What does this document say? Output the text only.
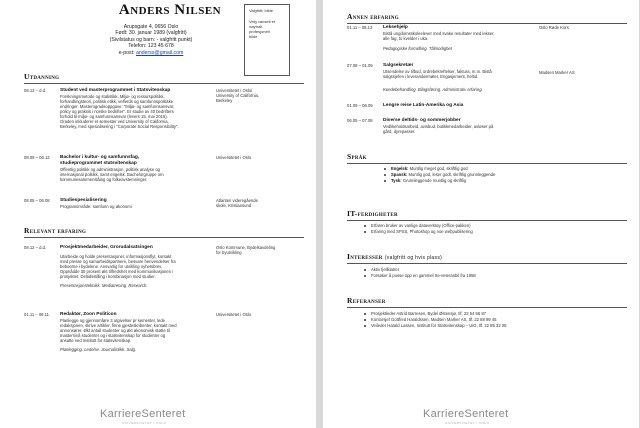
Anders Nilsen
Arupsgate 4, 0656 Oslo
Født: 30. januar 1989 (valgfritt)
(Sivilstatus og barn: - valgfritt punkt)
Telefon: 123 45 678
e-post: anderss@gmail.com
Valgfritt: bilde
Velg vanselt et
nøytralt
profesjonelt
bilde
Utdanning
08.13 – d.d.	Student ved masterprogrammet i Statsvitenskap
Forskningsmetode og statistikk, Miljø- og ressurspolitikk,
forhandlingsteori, politisk etikk, velferds og samfunnspolitiske
endringer. Masterogradsoppgave: "Miljø- og samfunnsansvar,
policy og praksis i norske bedrifter". Er studie av 40 bedrifters
forhold til miljø- og samfunnsansvar (levers 15. mai 2015).
Graden inkluderer et semester ved University of California,
Berkeley, med spesialisering i "Corporate Social Responsibility".
Universitetet i Oslo/
University of California,
Berkeley
08.09 – 06.12 Bachelor i kultur- og samfunnsfag,
studieprogrammet statsvitenskap
Offentlig politikk og administrasjon, politisk analyse og
internasjonal politikk, samt engelsk. Bachelorgruppe om
kommunesammenslåing og folkeavstemninger.
Universitetet i Oslo
08.05 – 06.08 Studiespesialisering
Programområde: samfunn og økonomi
Atlanten videregående
skole, Kristiansund
Relevant erfaring
08.12 – d.d.	Prosjektmedarbeider, Grorudalsatsingen
Utarbeide og holde presentasjoner, informasjonsflyt, kontakt
med presse og samarbeidspartnere, besvare henvendelser fra
beboerne i bydelene. Ansvarlig for utvikling nyhetsbrev.
Oppnådde 30 prosent økt tilfredshet med kommunikasjonen i
prosjektet. Deltidsstilling i kombinasjon med studier.
Presentasjonsteknikk. Mediatrening. Research.
Oslo Kommune, Bydelsavdeling
for byutvikling
01.11 – 08.11 Redaktør, Zoon Politicon
Planlegge og gjennomføre 3 utgivelser pr semester, lede
redaksjonen, skrive artikler, finne gjesteskribenter, kontakt med
annonsører. Økt antall studenter og økt økonomisk støtte til
masternivå studenter og i statsvitenskap for studenter og
ansatte ved Institutt for statsvitenskap.
Planlegging. Ledelse. Journalistikk. Salg.
Universitetet i Oslo
KarriereSenteret
UNIVERSITETET I OSLO
Annen erfaring
01.11 – 08.13 Leksehjelp
Bistå ungdomsskoleelever med svake resultater med lekser,
alle fag, to kvelder i uka.
Pedagogiske formidling. Tålmodighet
Oslo Røde Kors
07.08 – 01.09 Salgsekretær
Utsendelse av tilbud, ordrebekreftelser, faktura, m.m. Bistå
salgssjefen i leverandørmøter. Engasjement, heltid.
Kundebehandling. Bilagsføring. Administrativ erfaring.
Madsen Marker AS
01.09 – 06.09 Lengre reise Latin-Amerika og Asia
06.05 – 07.08 Diverse deltids- og sommerjobber
Vedlikeholdsarbeid, avisbud, butikkmedarbeider, avløser på
gård, dyrepasser.
Språk
Engelsk: Muntlig meget god, skriftlig god
Spansk: Muntlig god, leser godt, skriftlig grunnleggende
Tysk: Grunnleggende muntlig og skriftlig
IT-ferdigheter
Erfaren bruker av vanlige dataverktøy (Office-pakken)
Erfaring med SPSS, Photoshop og noe webpublisering
Interesser (valgfritt og hvis plass)
Aktiv fjellklatrer
Forsøker å pusse opp en gammel tre-veteranbil fra 1958
Referanser
Prosjektleder Astrid Barresen, Bydel Østensjø, tlf. 22 54 56 87
Kontorsjef Gottfred Haraldssen, Madsen Marker AS, tlf. 22 88 99 45
Veileder Harald Lassen, Institutt for Statsvitenskap – UiO, tlf. 22 85 32 08
KarriereSenteret
UNIVERSITETET I OSLO
